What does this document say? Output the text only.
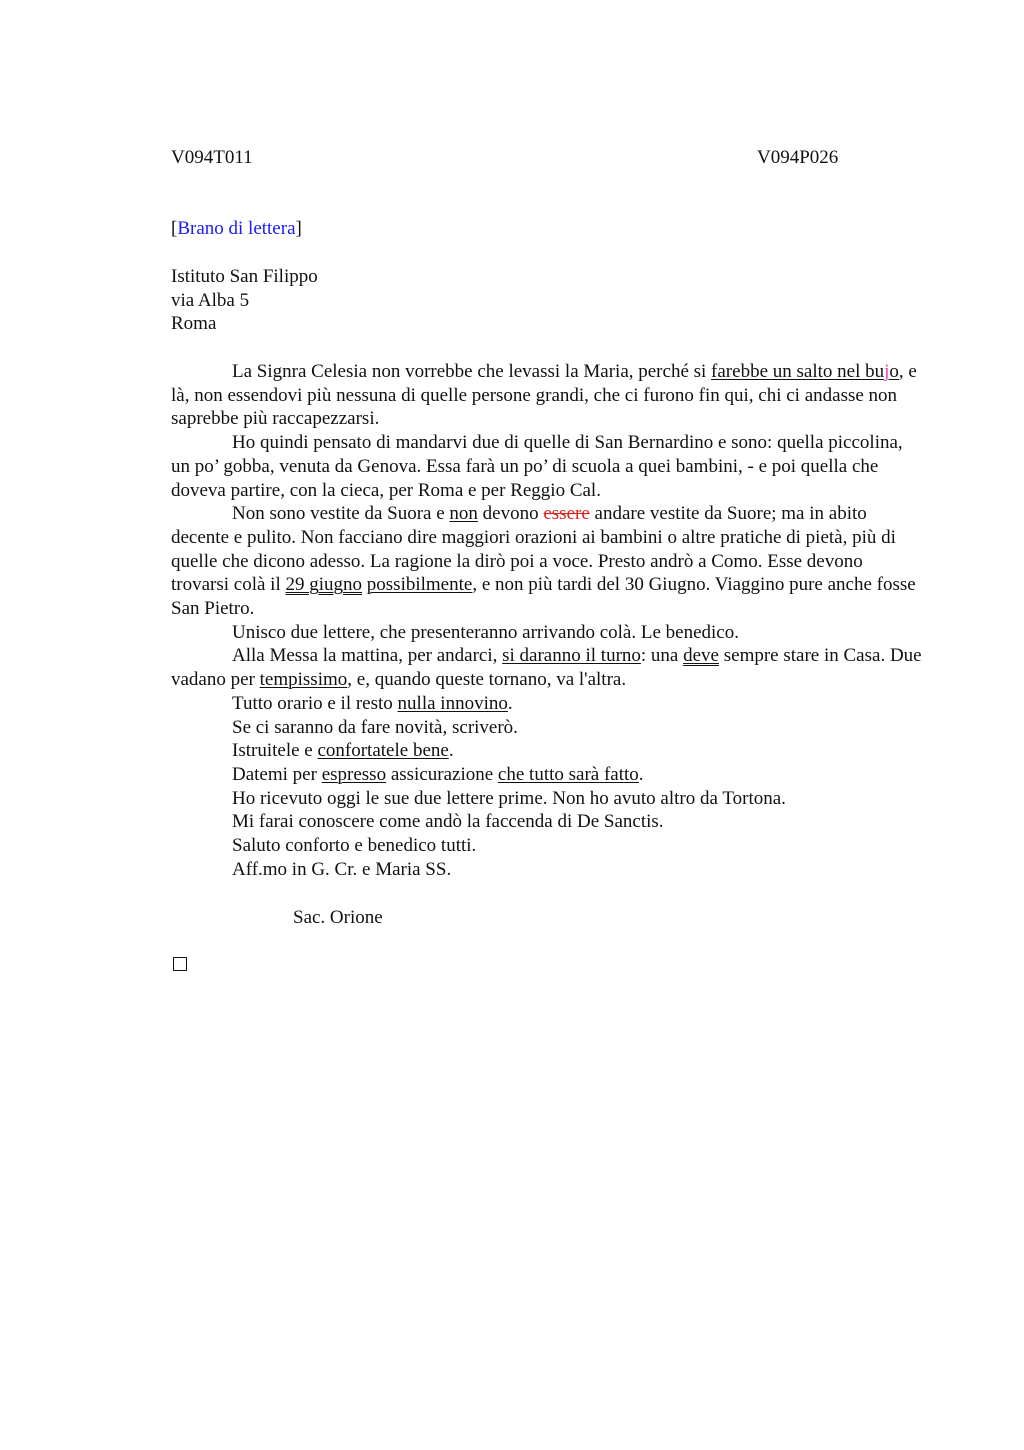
V094T011	V094P026
[Brano di lettera]
Istituto San Filippo
via Alba 5
Roma

La Signra Celesia non vorrebbe che levassi la Maria, perché si farebbe un salto nel bujo, e là, non essendovi più nessuna di quelle persone grandi, che ci furono fin qui, chi ci andasse non saprebbe più raccapezzarsi.

Ho quindi pensato di mandarvi due di quelle di San Bernardino e sono: quella piccolina, un po’ gobba, venuta da Genova. Essa farà un po’ di scuola a quei bambini, - e poi quella che doveva partire, con la cieca, per Roma e per Reggio Cal.

Non sono vestite da Suora e non devono essere andare vestite da Suore; ma in abito decente e pulito. Non facciano dire maggiori orazioni ai bambini o altre pratiche di pietà, più di quelle che dicono adesso. La ragione la dirò poi a voce. Presto andrò a Como. Esse devono trovarsi colà il 29 giugno possibilmente, e non più tardi del 30 Giugno. Viaggino pure anche fosse San Pietro.

Unisco due lettere, che presenteranno arrivando colà. Le benedico.

Alla Messa la mattina, per andarci, si daranno il turno: una deve sempre stare in Casa. Due vadano per tempissimo, e, quando queste tornano, va l'altra.

Tutto orario e il resto nulla innovino.

Se ci saranno da fare novità, scriverò.

Istruitele e confortatele bene.

Datemi per espresso assicurazione che tutto sarà fatto.

Ho ricevuto oggi le sue due lettere prime. Non ho avuto altro da Tortona.

Mi farai conoscere come andò la faccenda di De Sanctis.

Saluto conforto e benedico tutti.

Aff.mo in G. Cr. e Maria SS.

Sac. Orione
